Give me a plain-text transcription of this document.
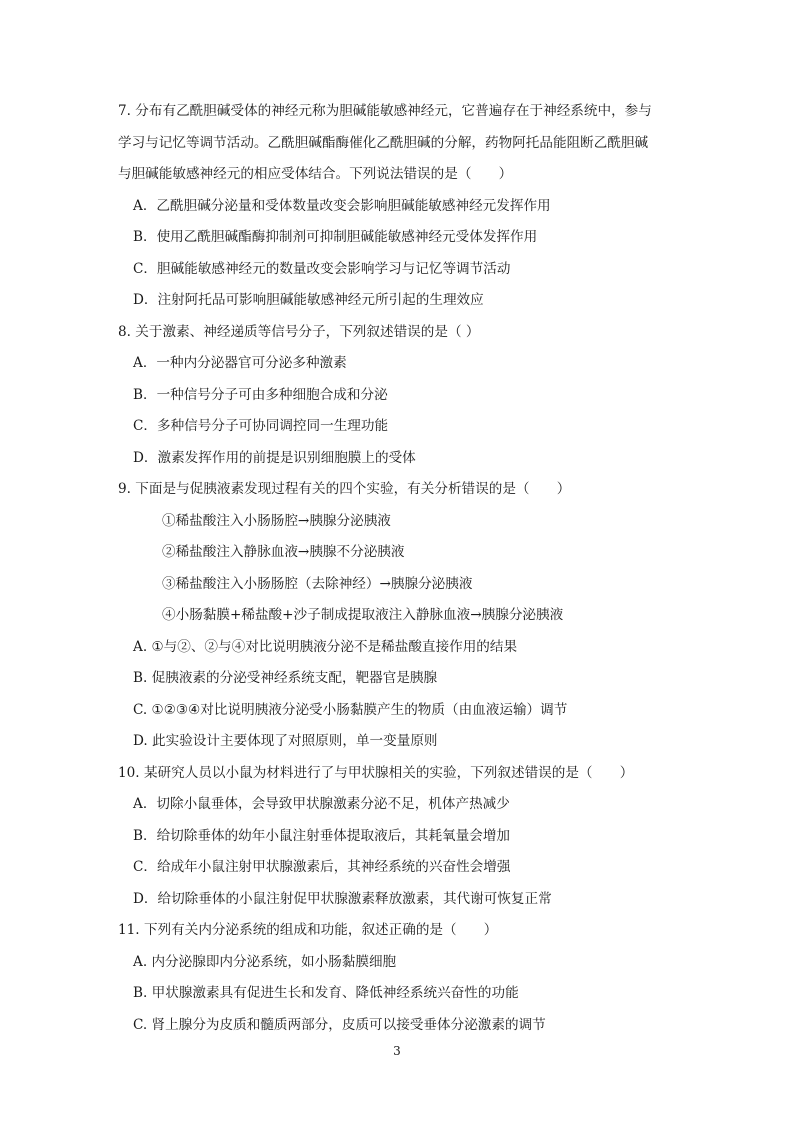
7. 分布有乙酰胆碱受体的神经元称为胆碱能敏感神经元，它普遍存在于神经系统中，参与
学习与记忆等调节活动。乙酰胆碱酯酶催化乙酰胆碱的分解，药物阿托品能阻断乙酰胆碱
与胆碱能敏感神经元的相应受体结合。下列说法错误的是（　　）
A．乙酰胆碱分泌量和受体数量改变会影响胆碱能敏感神经元发挥作用
B．使用乙酰胆碱酯酶抑制剂可抑制胆碱能敏感神经元受体发挥作用
C．胆碱能敏感神经元的数量改变会影响学习与记忆等调节活动
D．注射阿托品可影响胆碱能敏感神经元所引起的生理效应
8. 关于激素、神经递质等信号分子，下列叙述错误的是（ ）
A．一种内分泌器官可分泌多种激素
B．一种信号分子可由多种细胞合成和分泌
C．多种信号分子可协同调控同一生理功能
D．激素发挥作用的前提是识别细胞膜上的受体
9. 下面是与促胰液素发现过程有关的四个实验，有关分析错误的是（　　）
①稀盐酸注入小肠肠腔→胰腺分泌胰液
②稀盐酸注入静脉血液→胰腺不分泌胰液
③稀盐酸注入小肠肠腔（去除神经）→胰腺分泌胰液
④小肠黏膜+稀盐酸+沙子制成提取液注入静脉血液→胰腺分泌胰液
A. ①与②、②与④对比说明胰液分泌不是稀盐酸直接作用的结果
B. 促胰液素的分泌受神经系统支配，靶器官是胰腺
C. ①②③④对比说明胰液分泌受小肠黏膜产生的物质（由血液运输）调节
D. 此实验设计主要体现了对照原则，单一变量原则
10. 某研究人员以小鼠为材料进行了与甲状腺相关的实验，下列叙述错误的是（　　）
A．切除小鼠垂体，会导致甲状腺激素分泌不足，机体产热减少
B．给切除垂体的幼年小鼠注射垂体提取液后，其耗氧量会增加
C．给成年小鼠注射甲状腺激素后，其神经系统的兴奋性会增强
D．给切除垂体的小鼠注射促甲状腺激素释放激素，其代谢可恢复正常
11. 下列有关内分泌系统的组成和功能，叙述正确的是（　　）
A. 内分泌腺即内分泌系统，如小肠黏膜细胞
B. 甲状腺激素具有促进生长和发育、降低神经系统兴奋性的功能
C. 肾上腺分为皮质和髓质两部分，皮质可以接受垂体分泌激素的调节
3
